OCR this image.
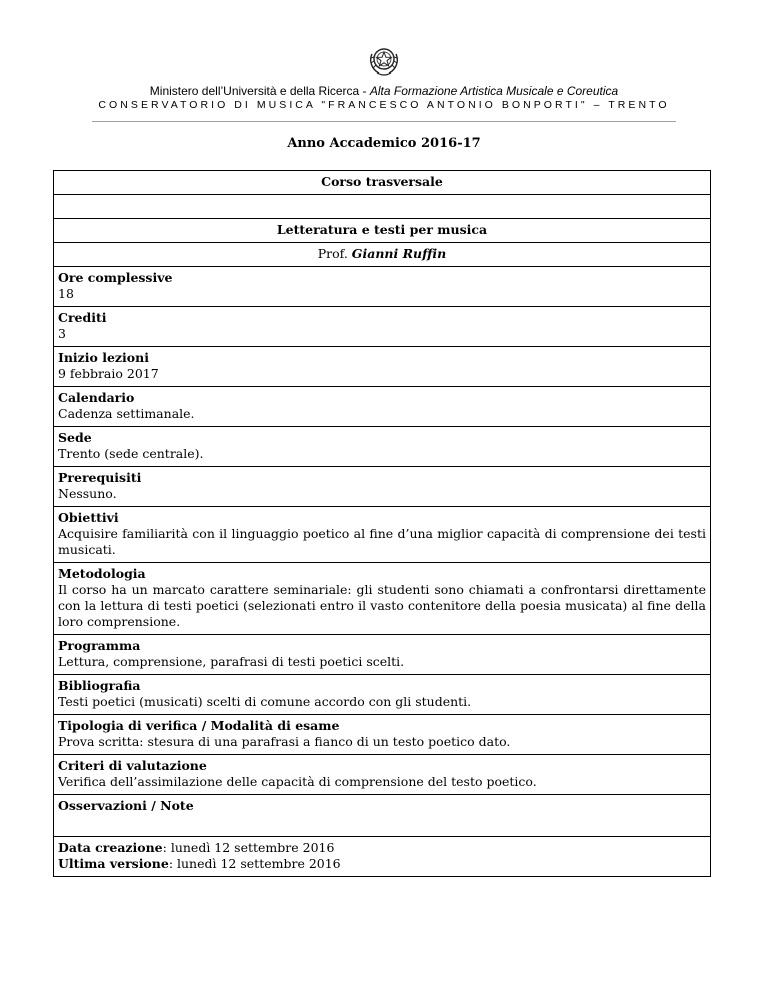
Ministero dell’Università e della Ricerca - Alta Formazione Artistica Musicale e Coreutica
CONSERVATORIO DI MUSICA "FRANCESCO ANTONIO BONPORTI" – TRENTO
Anno Accademico 2016-17
Corso trasversale

Letteratura e testi per musica
Prof. Gianni Ruffin

Ore complessive
18

Crediti
3

Inizio lezioni
9 febbraio 2017

Calendario
Cadenza settimanale.

Sede
Trento (sede centrale).

Prerequisiti
Nessuno.

Obiettivi
Acquisire familiarità con il linguaggio poetico al fine d’una miglior capacità di comprensione dei testi musicati.

Metodologia
Il corso ha un marcato carattere seminariale: gli studenti sono chiamati a confrontarsi direttamente con la lettura di testi poetici (selezionati entro il vasto contenitore della poesia musicata) al fine della loro comprensione.

Programma
Lettura, comprensione, parafrasi di testi poetici scelti.

Bibliografia
Testi poetici (musicati) scelti di comune accordo con gli studenti.

Tipologia di verifica / Modalità di esame
Prova scritta: stesura di una parafrasi a fianco di un testo poetico dato.

Criteri di valutazione
Verifica dell’assimilazione delle capacità di comprensione del testo poetico.

Osservazioni / Note

Data creazione: lunedì 12 settembre 2016
Ultima versione: lunedì 12 settembre 2016
